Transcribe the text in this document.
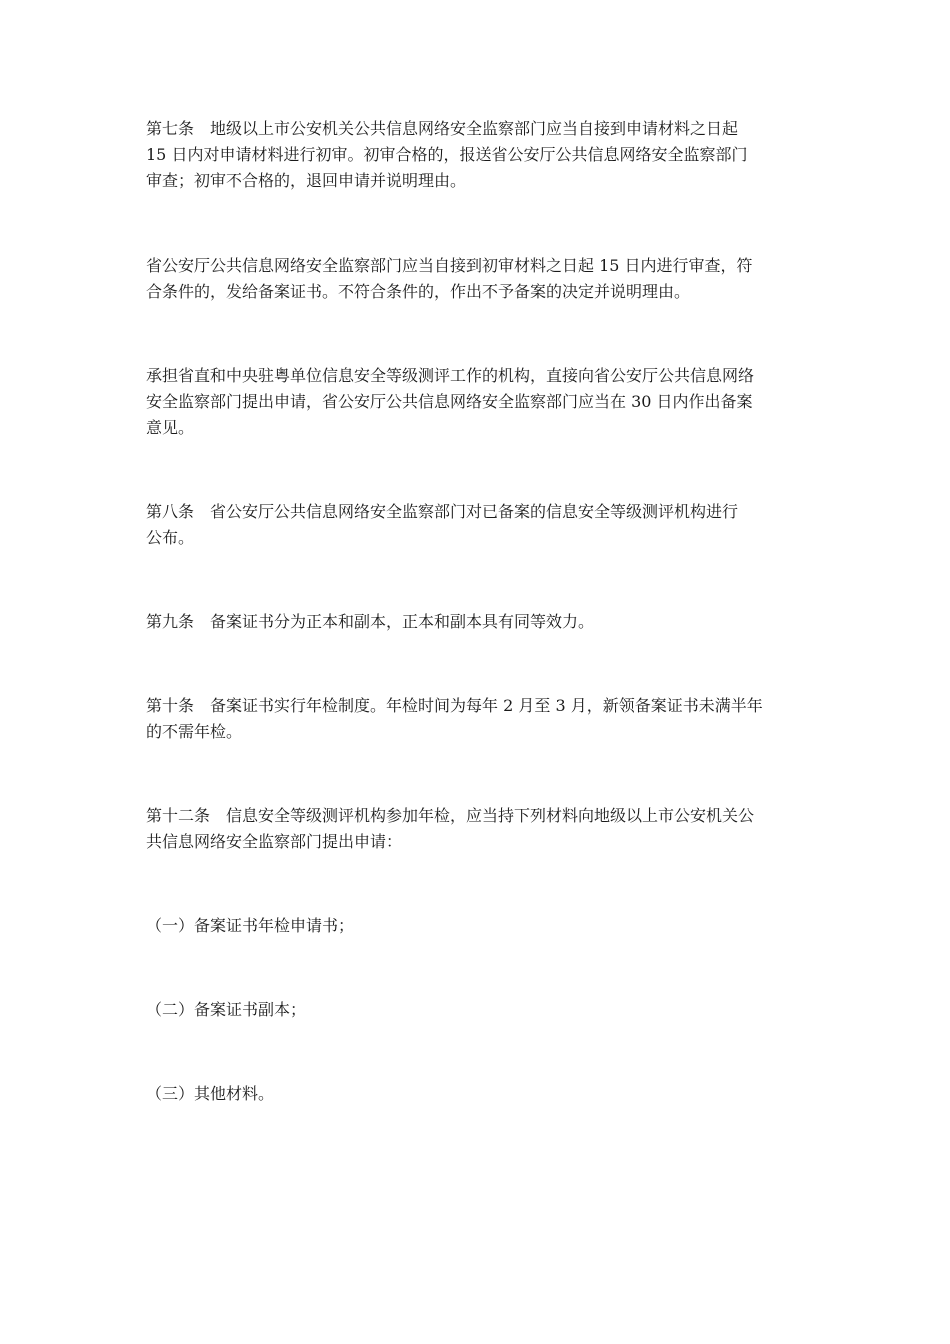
第七条　地级以上市公安机关公共信息网络安全监察部门应当自接到申请材料之日起
15 日内对申请材料进行初审。初审合格的，报送省公安厅公共信息网络安全监察部门
审查；初审不合格的，退回申请并说明理由。

省公安厅公共信息网络安全监察部门应当自接到初审材料之日起 15 日内进行审查，符
合条件的，发给备案证书。不符合条件的，作出不予备案的决定并说明理由。

承担省直和中央驻粤单位信息安全等级测评工作的机构，直接向省公安厅公共信息网络
安全监察部门提出申请，省公安厅公共信息网络安全监察部门应当在 30 日内作出备案
意见。

第八条　省公安厅公共信息网络安全监察部门对已备案的信息安全等级测评机构进行
公布。

第九条　备案证书分为正本和副本，正本和副本具有同等效力。

第十条　备案证书实行年检制度。年检时间为每年 2 月至 3 月，新领备案证书未满半年
的不需年检。

第十二条　信息安全等级测评机构参加年检，应当持下列材料向地级以上市公安机关公
共信息网络安全监察部门提出申请：

（一）备案证书年检申请书；

（二）备案证书副本；

（三）其他材料。
